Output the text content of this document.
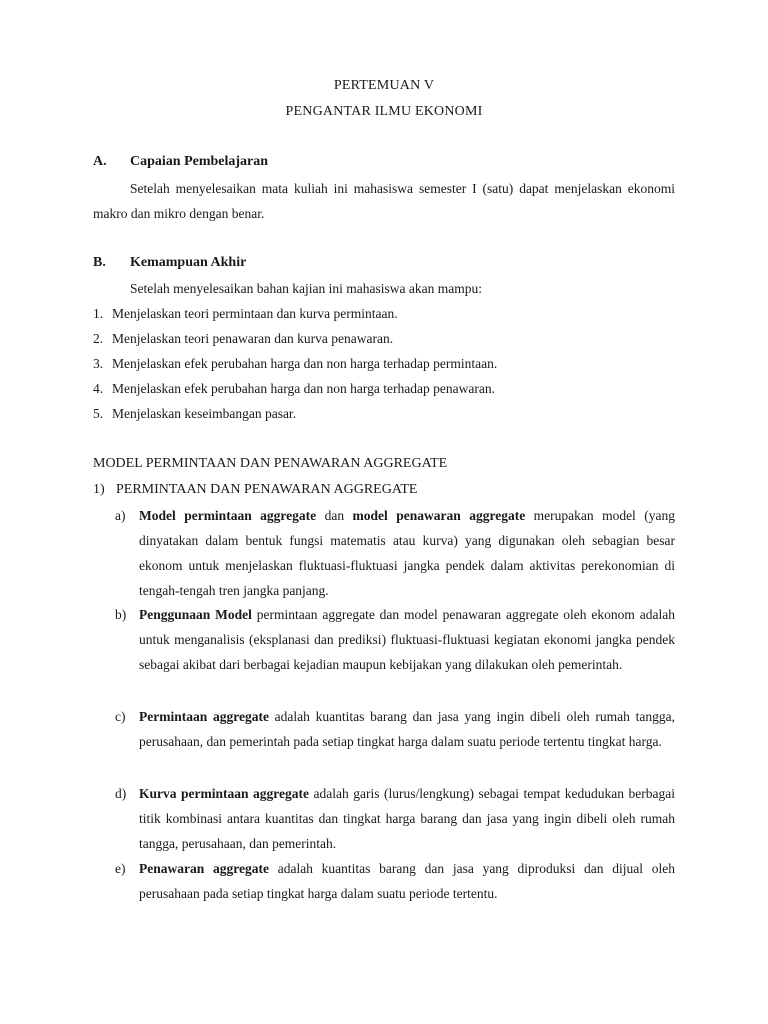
PERTEMUAN V
PENGANTAR ILMU EKONOMI
A. Capaian Pembelajaran
Setelah menyelesaikan mata kuliah ini mahasiswa semester I (satu) dapat menjelaskan ekonomi makro dan mikro dengan benar.
B. Kemampuan Akhir
Setelah menyelesaikan bahan kajian ini mahasiswa akan mampu:
1. Menjelaskan teori permintaan dan kurva permintaan.
2. Menjelaskan teori penawaran dan kurva penawaran.
3. Menjelaskan efek perubahan harga dan non harga terhadap permintaan.
4. Menjelaskan efek perubahan harga dan non harga terhadap penawaran.
5. Menjelaskan keseimbangan pasar.
MODEL PERMINTAAN DAN PENAWARAN AGGREGATE
1) PERMINTAAN DAN PENAWARAN AGGREGATE
a) Model permintaan aggregate dan model penawaran aggregate merupakan model (yang dinyatakan dalam bentuk fungsi matematis atau kurva) yang digunakan oleh sebagian besar ekonom untuk menjelaskan fluktuasi-fluktuasi jangka pendek dalam aktivitas perekonomian di tengah-tengah tren jangka panjang.
b) Penggunaan Model permintaan aggregate dan model penawaran aggregate oleh ekonom adalah untuk menganalisis (eksplanasi dan prediksi) fluktuasi-fluktuasi kegiatan ekonomi jangka pendek sebagai akibat dari berbagai kejadian maupun kebijakan yang dilakukan oleh pemerintah.
c) Permintaan aggregate adalah kuantitas barang dan jasa yang ingin dibeli oleh rumah tangga, perusahaan, dan pemerintah pada setiap tingkat harga dalam suatu periode tertentu tingkat harga.
d) Kurva permintaan aggregate adalah garis (lurus/lengkung) sebagai tempat kedudukan berbagai titik kombinasi antara kuantitas dan tingkat harga barang dan jasa yang ingin dibeli oleh rumah tangga, perusahaan, dan pemerintah.
e) Penawaran aggregate adalah kuantitas barang dan jasa yang diproduksi dan dijual oleh perusahaan pada setiap tingkat harga dalam suatu periode tertentu.
